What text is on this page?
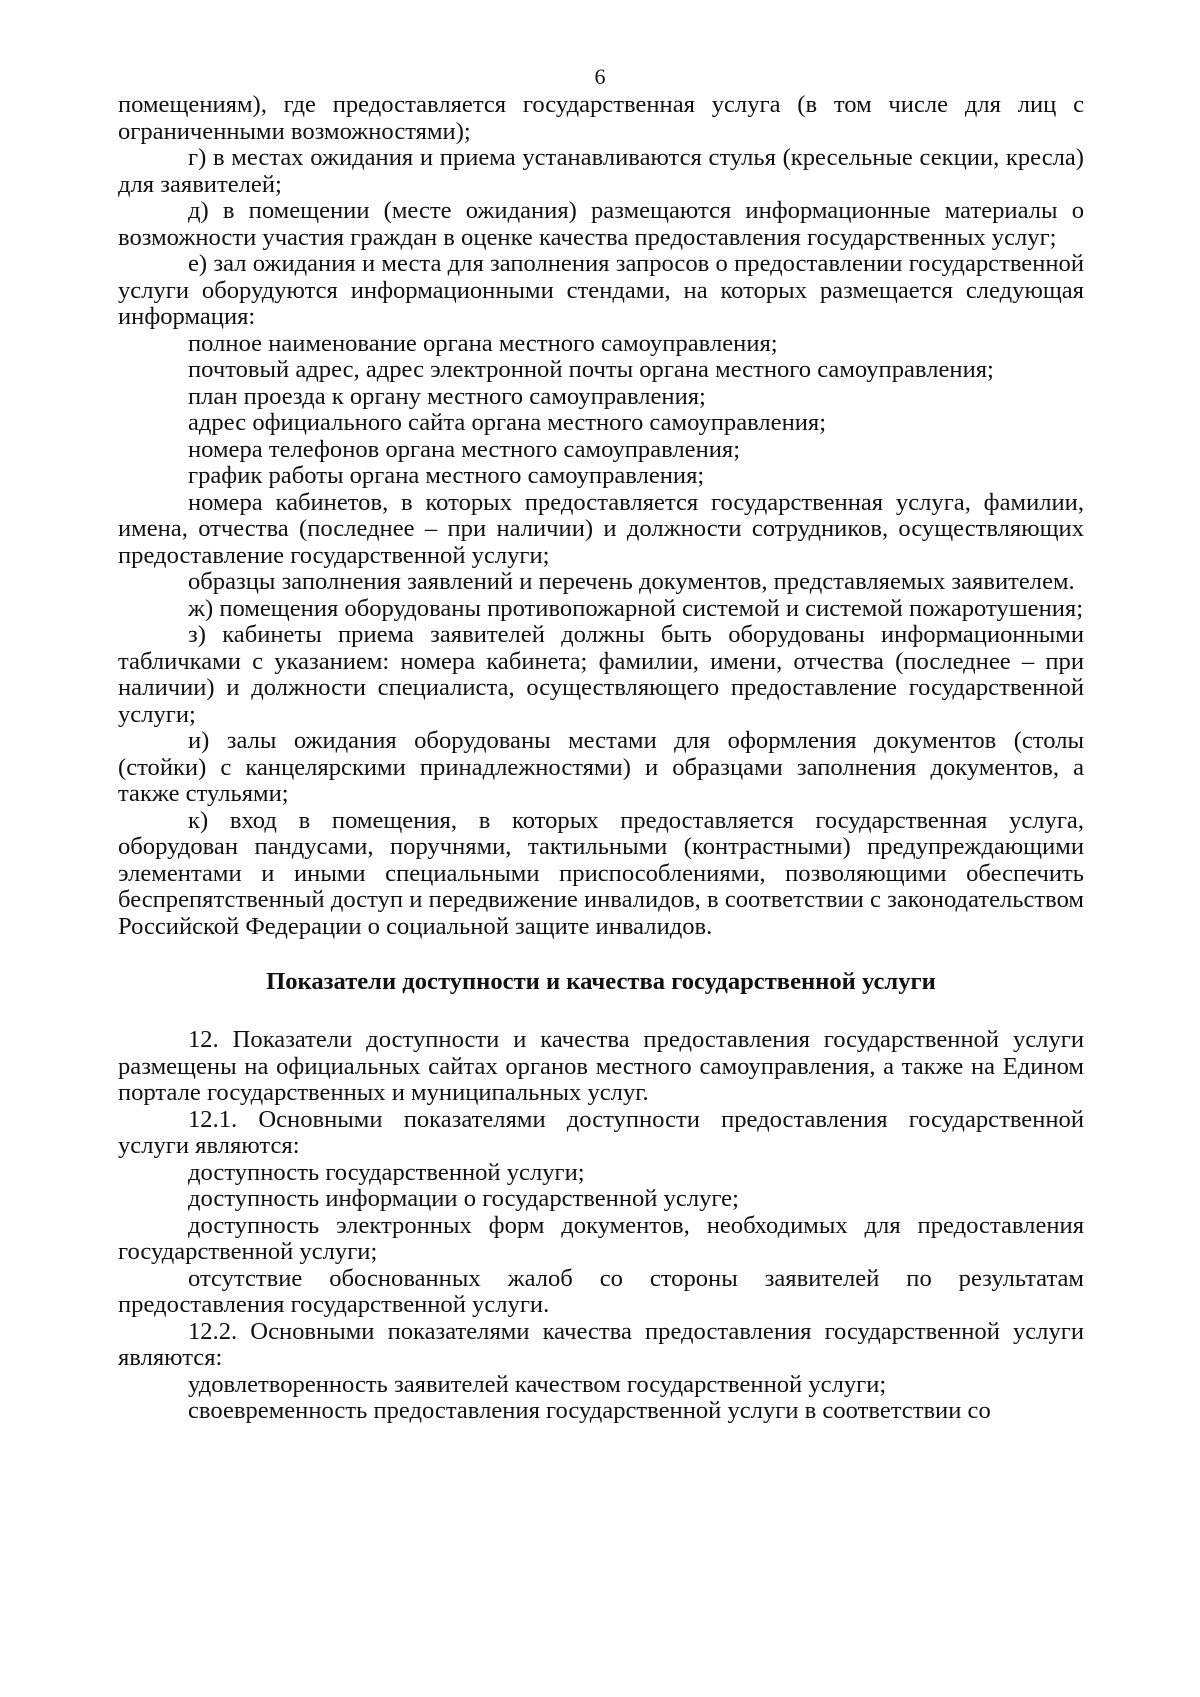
6

помещениям), где предоставляется государственная услуга (в том числе для лиц с ограниченными возможностями);

г) в местах ожидания и приема устанавливаются стулья (кресельные секции, кресла) для заявителей;

д) в помещении (месте ожидания) размещаются информационные материалы о возможности участия граждан в оценке качества предоставления государственных услуг;

е) зал ожидания и места для заполнения запросов о предоставлении государственной услуги оборудуются информационными стендами, на которых размещается следующая информация:

полное наименование органа местного самоуправления;

почтовый адрес, адрес электронной почты органа местного самоуправления;

план проезда к органу местного самоуправления;

адрес официального сайта органа местного самоуправления;

номера телефонов органа местного самоуправления;

график работы органа местного самоуправления;

номера кабинетов, в которых предоставляется государственная услуга, фамилии, имена, отчества (последнее – при наличии) и должности сотрудников, осуществляющих предоставление государственной услуги;

образцы заполнения заявлений и перечень документов, представляемых заявителем.

ж) помещения оборудованы противопожарной системой и системой пожаротушения;

з) кабинеты приема заявителей должны быть оборудованы информационными табличками с указанием: номера кабинета; фамилии, имени, отчества (последнее – при наличии) и должности специалиста, осуществляющего предоставление государственной услуги;

и) залы ожидания оборудованы местами для оформления документов (столы (стойки) с канцелярскими принадлежностями) и образцами заполнения документов, а также стульями;

к) вход в помещения, в которых предоставляется государственная услуга, оборудован пандусами, поручнями, тактильными (контрастными) предупреждающими элементами и иными специальными приспособлениями, позволяющими обеспечить беспрепятственный доступ и передвижение инвалидов, в соответствии с законодательством Российской Федерации о социальной защите инвалидов.

Показатели доступности и качества государственной услуги

12. Показатели доступности и качества предоставления государственной услуги размещены на официальных сайтах органов местного самоуправления, а также на Едином портале государственных и муниципальных услуг.

12.1. Основными показателями доступности предоставления государственной услуги являются:

доступность государственной услуги;

доступность информации о государственной услуге;

доступность электронных форм документов, необходимых для предоставления государственной услуги;

отсутствие обоснованных жалоб со стороны заявителей по результатам предоставления государственной услуги.

12.2. Основными показателями качества предоставления государственной услуги являются:

удовлетворенность заявителей качеством государственной услуги;

своевременность предоставления государственной услуги в соответствии со
